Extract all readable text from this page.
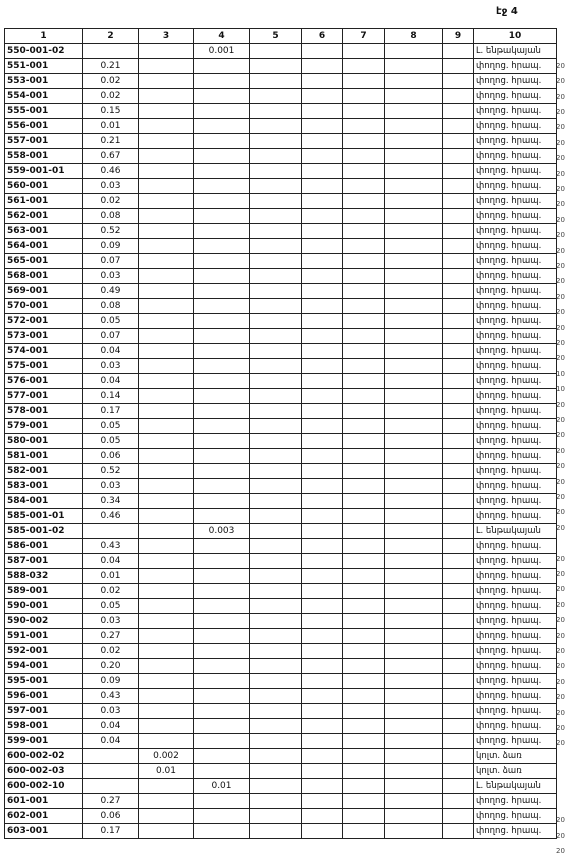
էջ 4
1	2	3	4	5	6	7	8	9	10
550-001-02			0.001						Լ. ենթակայան
551-001	0.21								փողոց. հրապ.
553-001	0.02								փողոց. հրապ.
554-001	0.02								փողոց. հրապ.
555-001	0.15								փողոց. հրապ.
556-001	0.01								փողոց. հրապ.
557-001	0.21								փողոց. հրապ.
558-001	0.67								փողոց. հրապ.
559-001-01	0.46								փողոց. հրապ.
560-001	0.03								փողոց. հրապ.
561-001	0.02								փողոց. հրապ.
562-001	0.08								փողոց. հրապ.
563-001	0.52								փողոց. հրապ.
564-001	0.09								փողոց. հրապ.
565-001	0.07								փողոց. հրապ.
568-001	0.03								փողոց. հրապ.
569-001	0.49								փողոց. հրապ.
570-001	0.08								փողոց. հրապ.
572-001	0.05								փողոց. հրապ.
573-001	0.07								փողոց. հրապ.
574-001	0.04								փողոց. հրապ.
575-001	0.03								փողոց. հրապ.
576-001	0.04								փողոց. հրապ.
577-001	0.14								փողոց. հրապ.
578-001	0.17								փողոց. հրապ.
579-001	0.05								փողոց. հրապ.
580-001	0.05								փողոց. հրապ.
581-001	0.06								փողոց. հրապ.
582-001	0.52								փողոց. հրապ.
583-001	0.03								փողոց. հրապ.
584-001	0.34								փողոց. հրապ.
585-001-01	0.46								փողոց. հրապ.
585-001-02			0.003						Լ. ենթակայան
586-001	0.43								փողոց. հրապ.
587-001	0.04								փողոց. հրապ.
588-032	0.01								փողոց. հրապ.
589-001	0.02								փողոց. հրապ.
590-001	0.05								փողոց. հրապ.
590-002	0.03								փողոց. հրապ.
591-001	0.27								փողոց. հրապ.
592-001	0.02								փողոց. հրապ.
594-001	0.20								փողոց. հրապ.
595-001	0.09								փողոց. հրապ.
596-001	0.43								փողոց. հրապ.
597-001	0.03								փողոց. հրապ.
598-001	0.04								փողոց. հրապ.
599-001	0.04								փողոց. հրապ.
600-002-02		0.002							կոլտ. ձառ
600-002-03		0.01							կոլտ. ձառ
600-002-10			0.01						Լ. ենթակայան
601-001	0.27								փողոց. հրապ.
602-001	0.06								փողոց. հրապ.
603-001	0.17								փողոց. հրապ.
20
20
20
20
20
20
20
20
20
20
20
20
20
20
20
20
20
20
20
20
10
10
20
20
20
20
20
20
20
20
20
20
20
20
20
20
20
20
20
20
20
20
20
20
20
20
20
